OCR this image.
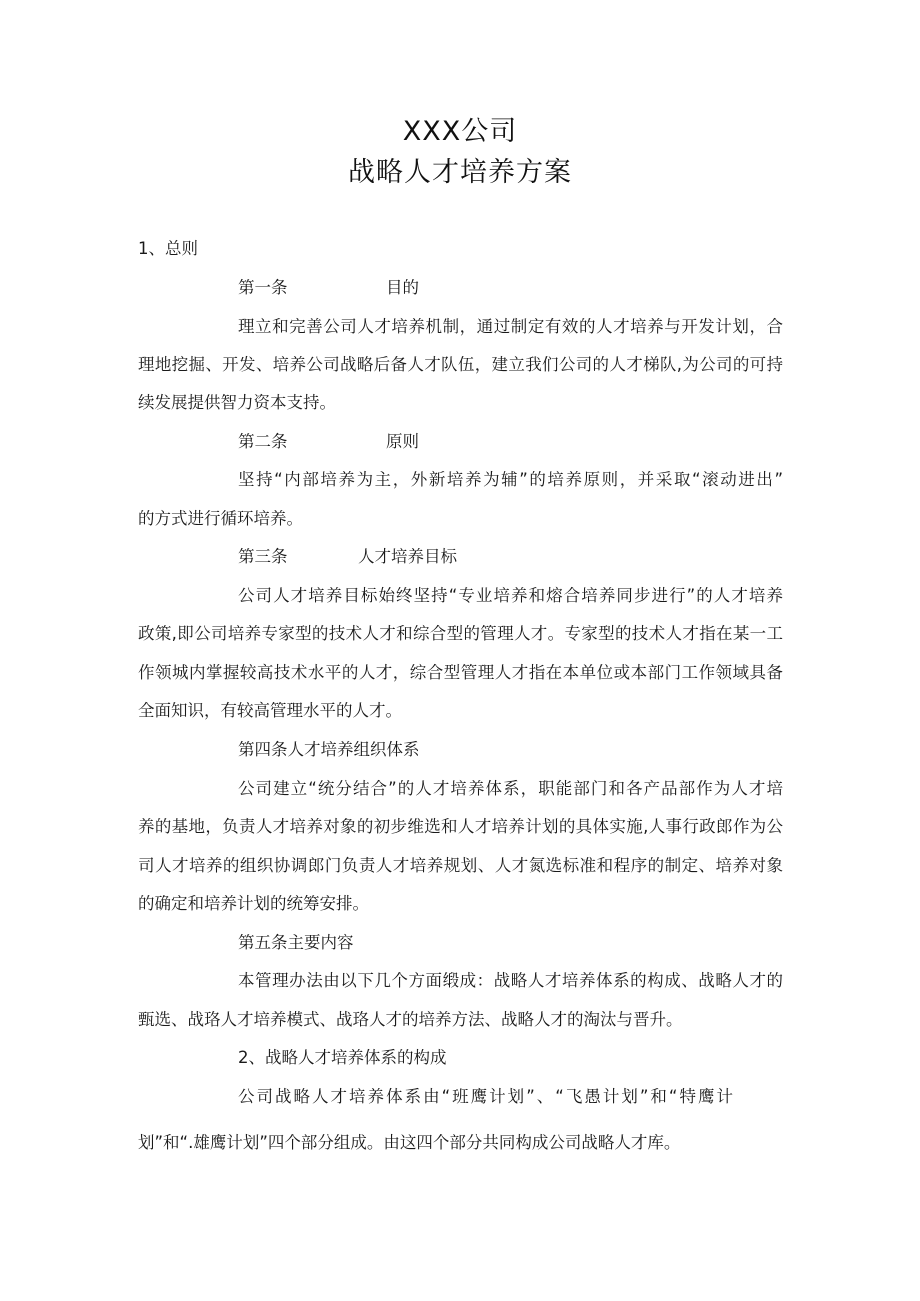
XXX公司
战略人才培养方案
1、总则
第一条	目的
理立和完善公司人才培养机制，通过制定有效的人才培养与开发计划，合
理地挖掘、开发、培养公司战略后备人才队伍，建立我们公司的人才梯队,为公司的可持
续发展提供智力资本支持。
第二条	原则
坚持“内部培养为主，外新培养为辅”的培养原则，并采取“滚动进出”
的方式进行循环培养。
第三条	人才培养目标
公司人才培养目标始终坚持“专业培养和熔合培养同步进行”的人才培养
政策,即公司培养专家型的技术人才和综合型的管理人才。专家型的技术人才指在某一工
作领城内掌握较高技术水平的人才，综合型管理人才指在本单位或本部门工作领域具备
全面知识，有较高管理水平的人才。
第四条人才培养组织体系
公司建立“统分结合”的人才培养体系，职能部门和各产品部作为人才培
养的基地，负责人才培养对象的初步维选和人才培养计划的具体实施,人事行政郎作为公
司人才培养的组织协调郎门负责人才培养规划、人才氮选标准和程序的制定、培养对象
的确定和培养计划的统筹安排。
第五条主要内容
本管理办法由以下几个方面缎成：战略人才培养体系的构成、战略人才的
甄选、战珞人才培养模式、战珞人才的培养方法、战略人才的淘汰与晋升。
2、战略人才培养体系的构成
公司战略人才培养体系由“班鹰计划”、“飞愚计划”和“特鹰计
划”和“.雄鹰计划”四个部分组成。由这四个部分共同构成公司战略人才库。
